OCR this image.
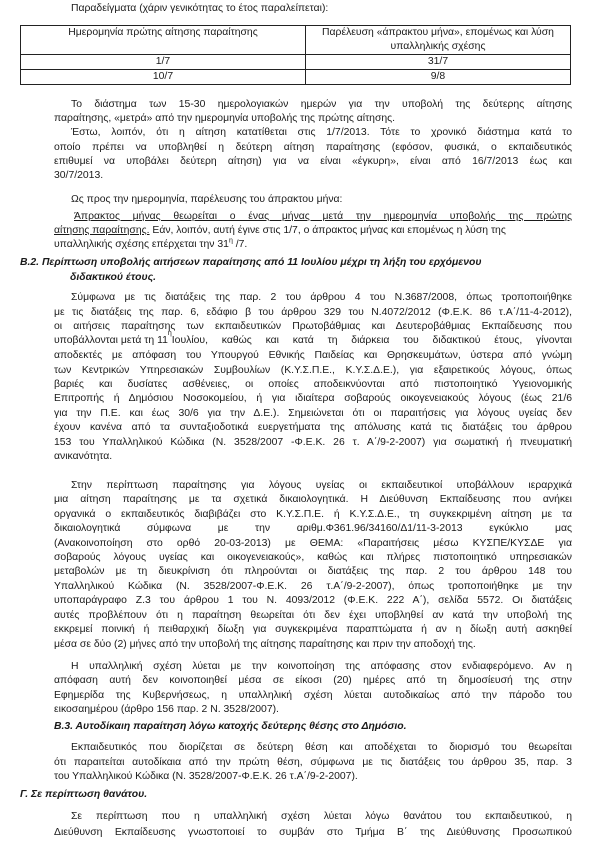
Παραδείγματα (χάριν γενικότητας το έτος παραλείπεται):
Ημερομηνία πρώτης αίτησης παραίτησης	Παρέλευση «άπρακτου μήνα», επομένως και λύση υπαλληλικής σχέσης
1/7	31/7
10/7	9/8
Το διάστημα των 15-30 ημερολογιακών ημερών για την υποβολή της δεύτερης αίτησης
παραίτησης, «μετρά» από την ημερομηνία υποβολής της πρώτης αίτησης.
Έστω, λοιπόν, ότι η αίτηση κατατίθεται στις 1/7/2013. Τότε το χρονικό διάστημα κατά το
οποίο πρέπει να υποβληθεί η δεύτερη αίτηση παραίτησης (εφόσον, φυσικά, ο εκπαιδευτικός
επιθυμεί να υποβάλει δεύτερη αίτηση) για να είναι «έγκυρη», είναι από 16/7/2013 έως και
30/7/2013.
Ως προς την ημερομηνία, παρέλευσης του άπρακτου μήνα:
Άπρακτος μήνας θεωρείται ο ένας μήνας μετά την ημερομηνία υποβολής της πρώτης
αίτησης παραίτησης. Εάν, λοιπόν, αυτή έγινε στις 1/7, ο άπρακτος μήνας και επομένως η λύση της
υπαλληλικής σχέσης επέρχεται την $31^\eta$ /7.
Β.2. Περίπτωση υποβολής αιτήσεων παραίτησης από 11 Ιουλίου μέχρι τη λήξη του ερχόμενου
διδακτικού έτους.
Σύμφωνα με τις διατάξεις της παρ. 2 του άρθρου 4 του Ν.3687/2008, όπως τροποποιήθηκε
με τις διατάξεις της παρ. 6, εδάφιο β του άρθρου 329 του Ν.4072/2012 (Φ.Ε.Κ. 86 τ.Α΄/11-4-2012),
οι αιτήσεις παραίτησης των εκπαιδευτικών Πρωτοβάθμιας και Δευτεροβάθμιας Εκπαίδευσης που
υποβάλλονται μετά τη 11
η
Ιουλίου, καθώς και κατά τη διάρκεια του διδακτικού έτους, γίνονται
αποδεκτές με απόφαση του Υπουργού Εθνικής Παιδείας και Θρησκευμάτων, ύστερα από γνώμη
των Κεντρικών Υπηρεσιακών Συμβουλίων (Κ.Υ.Σ.Π.Ε., Κ.Υ.Σ.Δ.Ε.), για εξαιρετικούς λόγους, όπως
βαριές και δυσίατες ασθένειες, οι οποίες αποδεικνύονται από πιστοποιητικό Υγειονομικής
Επιτροπής ή Δημόσιου Νοσοκομείου, ή για ιδιαίτερα σοβαρούς οικογενειακούς λόγους (έως 21/6
για την Π.Ε. και έως 30/6 για την Δ.Ε.). Σημειώνεται ότι οι παραιτήσεις για λόγους υγείας δεν
έχουν κανένα από τα συνταξιοδοτικά ευεργετήματα της απόλυσης κατά τις διατάξεις του άρθρου
153 του Υπαλληλικού Κώδικα (Ν. 3528/2007 -Φ.Ε.Κ. 26 τ. Α΄/9-2-2007) για σωματική ή πνευματική
ανικανότητα.
Στην περίπτωση παραίτησης για λόγους υγείας οι εκπαιδευτικοί υποβάλλουν ιεραρχικά
μια αίτηση παραίτησης με τα σχετικά δικαιολογητικά. Η Διεύθυνση Εκπαίδευσης που ανήκει
οργανικά ο εκπαιδευτικός διαβιβάζει στο Κ.Υ.Σ.Π.Ε. ή Κ.Υ.Σ.Δ.Ε., τη συγκεκριμένη αίτηση με τα
δικαιολογητικά σύμφωνα με την αριθμ.Φ361.96/34160/Δ1/11-3-2013 εγκύκλιο μας
(Ανακοινοποίηση στο ορθό 20-03-2013) με ΘΕΜΑ: «Παραιτήσεις μέσω ΚΥΣΠΕ/ΚΥΣΔΕ για
σοβαρούς λόγους υγείας και οικογενειακούς», καθώς και πλήρες πιστοποιητικό υπηρεσιακών
μεταβολών με τη διευκρίνιση ότι πληρούνται οι διατάξεις της παρ. 2 του άρθρου 148 του
Υπαλληλικού Κώδικα (Ν. 3528/2007-Φ.Ε.Κ. 26 τ.Α΄/9-2-2007), όπως τροποποιήθηκε με την
υποπαράγραφο Ζ.3 του άρθρου 1 του Ν. 4093/2012 (Φ.Ε.Κ. 222 Α΄), σελίδα 5572. Οι διατάξεις
αυτές προβλέπουν ότι η παραίτηση θεωρείται ότι δεν έχει υποβληθεί αν κατά την υποβολή της
εκκρεμεί ποινική ή πειθαρχική δίωξη για συγκεκριμένα παραπτώματα ή αν η δίωξη αυτή ασκηθεί
μέσα σε δύο (2) μήνες από την υποβολή της αίτησης παραίτησης και πριν την αποδοχή της.
Η υπαλληλική σχέση λύεται με την κοινοποίηση της απόφασης στον ενδιαφερόμενο. Αν η
απόφαση αυτή δεν κοινοποιηθεί μέσα σε είκοσι (20) ημέρες από τη δημοσίευσή της στην
Εφημερίδα της Κυβερνήσεως, η υπαλληλική σχέση λύεται αυτοδικαίως από την πάροδο του
εικοσαημέρου (άρθρο 156 παρ. 2 Ν. 3528/2007).
Β.3. Αυτοδίκαιη παραίτηση λόγω κατοχής δεύτερης θέσης στο Δημόσιο.
Εκπαιδευτικός που διορίζεται σε δεύτερη θέση και αποδέχεται το διορισμό του θεωρείται
ότι παραιτείται αυτοδίκαια από την πρώτη θέση, σύμφωνα με τις διατάξεις του άρθρου 35, παρ. 3
του Υπαλληλικού Κώδικα (Ν. 3528/2007-Φ.Ε.Κ. 26 τ.Α΄/9-2-2007).
Γ. Σε περίπτωση θανάτου.
Σε περίπτωση που η υπαλληλική σχέση λύεται λόγω θανάτου του εκπαιδευτικού, η
Διεύθυνση Εκπαίδευσης γνωστοποιεί το συμβάν στο Τμήμα Β΄ της Διεύθυνσης Προσωπικού
